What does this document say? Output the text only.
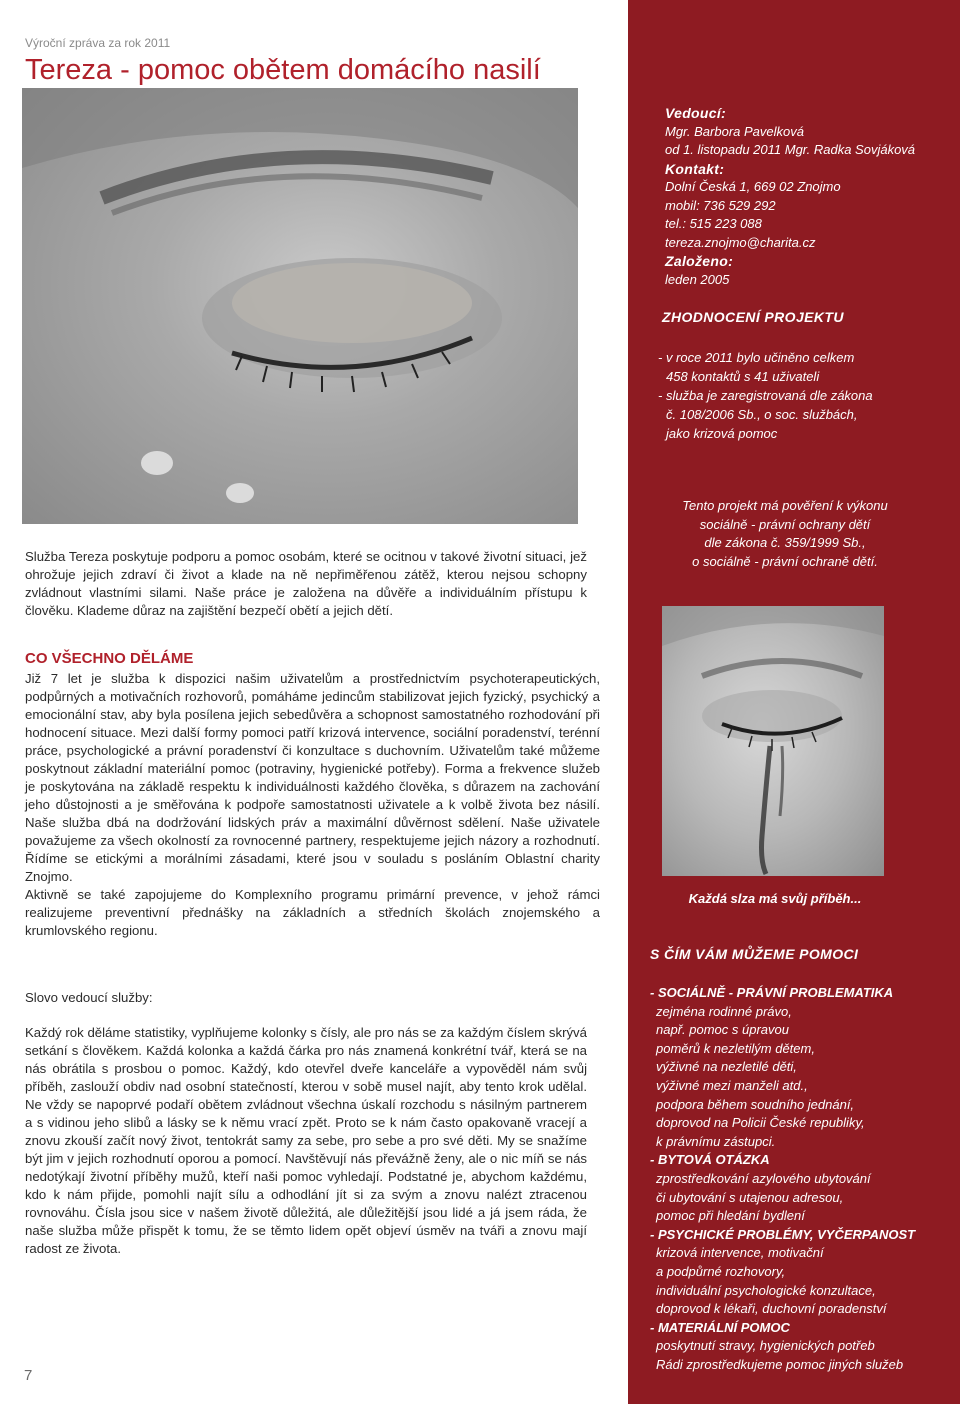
Výroční zpráva za rok 2011
Tereza - pomoc obětem domácího nasilí
Služba Tereza poskytuje podporu a pomoc osobám, které se ocitnou v takové životní situaci, jež ohrožuje jejich zdraví či život a klade na ně nepřiměřenou zátěž, kterou nejsou schopny zvládnout vlastními silami. Naše práce je založena na důvěře a individuálním přístupu k člověku. Klademe důraz na zajištění bezpečí obětí a jejich dětí.
CO VŠECHNO DĚLÁME
Již 7 let je služba k dispozici našim uživatelům a prostřednictvím psychoterapeutických, podpůrných a motivačních rozhovorů, pomáháme jedincům stabilizovat jejich fyzický, psychický a emocionální stav, aby byla posílena jejich sebedůvěra a schopnost samostatného rozhodování při hodnocení situace. Mezi další formy pomoci patří krizová intervence, sociální poradenství, terénní práce, psychologické a právní poradenství či konzultace s duchovním. Uživatelům také můžeme poskytnout základní materiální pomoc (potraviny, hygienické potřeby). Forma a frekvence služeb je poskytována na základě respektu k individuálnosti každého člověka, s důrazem na zachování jeho důstojnosti a je směřována k podpoře samostatnosti uživatele a k volbě života bez násilí. Naše služba dbá na dodržování lidských práv a maximální důvěrnost sdělení. Naše uživatele považujeme za všech okolností za rovnocenné partnery, respektujeme jejich názory a rozhodnutí. Řídíme se etickými a morálními zásadami, které jsou v souladu s posláním Oblastní charity Znojmo.
Aktivně se také zapojujeme do Komplexního programu primární prevence, v jehož rámci realizujeme preventivní přednášky na základních a středních školách znojemského a krumlovského regionu.
Slovo vedoucí služby:
Každý rok děláme statistiky, vyplňujeme kolonky s čísly, ale pro nás se za každým číslem skrývá setkání s člověkem. Každá kolonka a každá čárka pro nás znamená konkrétní tvář, která se na nás obrátila s prosbou o pomoc. Každý, kdo otevřel dveře kanceláře a vypověděl nám svůj příběh, zaslouží obdiv nad osobní statečností, kterou v sobě musel najít, aby tento krok udělal. Ne vždy se napoprvé podaří obětem zvládnout všechna úskalí rozchodu s násilným partnerem a s vidinou jeho slibů a lásky se k němu vrací zpět. Proto se k nám často opakovaně vracejí a znovu zkouší začít nový život, tentokrát samy za sebe, pro sebe a pro své děti. My se snažíme být jim v jejich rozhodnutí oporou a pomocí. Navštěvují nás převážně ženy, ale o nic míň se nás nedotýkají životní příběhy mužů, kteří naši pomoc vyhledají. Podstatné je, abychom každému, kdo k nám přijde, pomohli najít sílu a odhodlání jít si za svým a znovu nalézt ztracenou rovnováhu. Čísla jsou sice v našem životě důležitá, ale důležitější jsou lidé a já jsem ráda, že naše služba může přispět k tomu, že se těmto lidem opět objeví úsměv na tváři a znovu mají radost ze života.
7
Vedoucí:
Mgr. Barbora Pavelková
od 1. listopadu 2011 Mgr. Radka Sovjáková
Kontakt:
Dolní Česká 1, 669 02 Znojmo
mobil: 736 529 292
tel.: 515 223 088
tereza.znojmo@charita.cz
Založeno:
leden 2005
ZHODNOCENÍ PROJEKTU
- v roce 2011 bylo učiněno celkem
458 kontaktů s 41 uživateli
- služba je zaregistrovaná dle zákona
č. 108/2006 Sb., o soc. službách,
jako krizová pomoc
Tento projekt má pověření k výkonu
sociálně - právní ochrany dětí
dle zákona č. 359/1999 Sb.,
o sociálně - právní ochraně dětí.
Každá slza má svůj příběh...
S ČÍM VÁM MŮŽEME POMOCI
- SOCIÁLNĚ - PRÁVNÍ PROBLEMATIKA
zejména rodinné právo,
např. pomoc s úpravou
poměrů k nezletilým dětem,
výživné na nezletilé děti,
výživné mezi manželi atd.,
podpora během soudního jednání,
doprovod na Policii České republiky,
k právnímu zástupci.
- BYTOVÁ OTÁZKA
zprostředkování azylového ubytování
či ubytování s utajenou adresou,
pomoc při hledání bydlení
- PSYCHICKÉ PROBLÉMY, VYČERPANOST
krizová intervence, motivační
a podpůrné rozhovory,
individuální psychologické konzultace,
doprovod k lékaři, duchovní poradenství
- MATERIÁLNÍ POMOC
poskytnutí stravy, hygienických potřeb
Rádi zprostředkujeme pomoc jiných služeb
